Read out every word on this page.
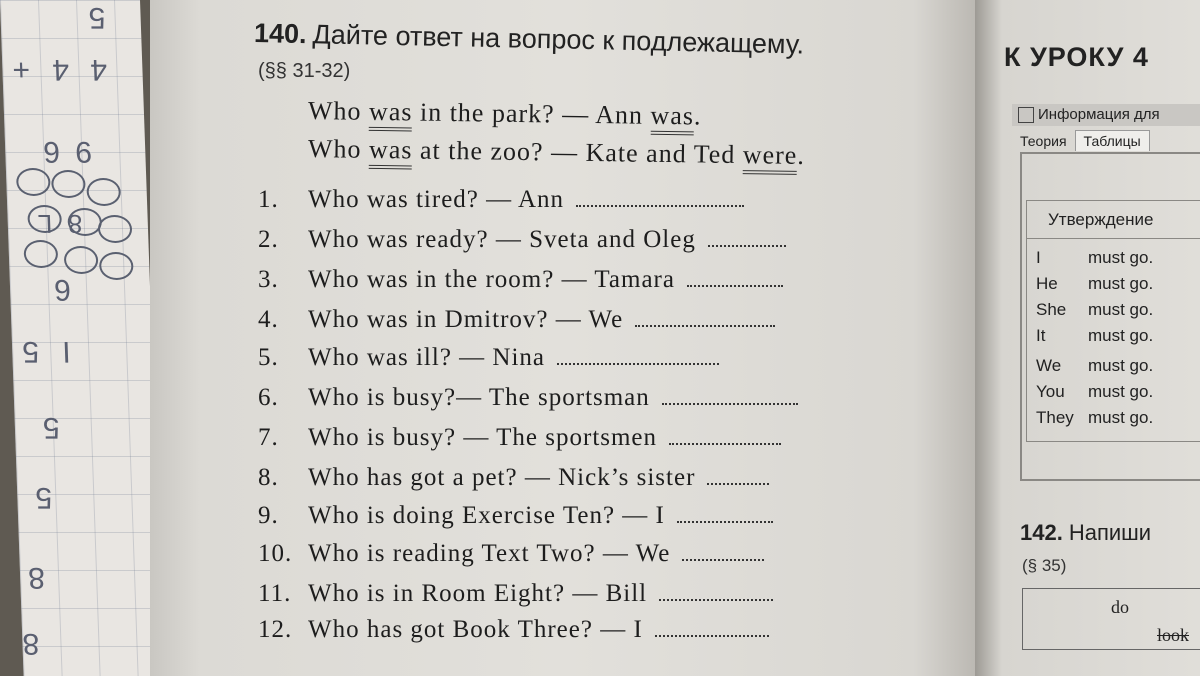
5
4
4
+
9
6
8
L
6
5 I
5
5
8
8
140. Дайте ответ на вопрос к подлежащему.
(§§ 31-32)
Who was in the park? — Ann was.
Who was at the zoo? — Kate and Ted were.
1. Who was tired? — Ann
2. Who was ready? — Sveta and Oleg
3. Who was in the room? — Tamara
4. Who was in Dmitrov? — We
5. Who was ill? — Nina
6. Who is busy?— The sportsman
7. Who is busy? — The sportsmen
8. Who has got a pet? — Nick’s sister
9. Who is doing Exercise Ten? — I
10. Who is reading Text Two? — We
11. Who is in Room Eight? — Bill
12. Who has got Book Three? — I
К УРОКУ 4
Информация для
Теория Таблицы
Утверждение
I	must go.
He must go.
She must go.
It	must go.
We must go.
You must go.
They must go.
142. Напиши
(§ 35)
do
look
